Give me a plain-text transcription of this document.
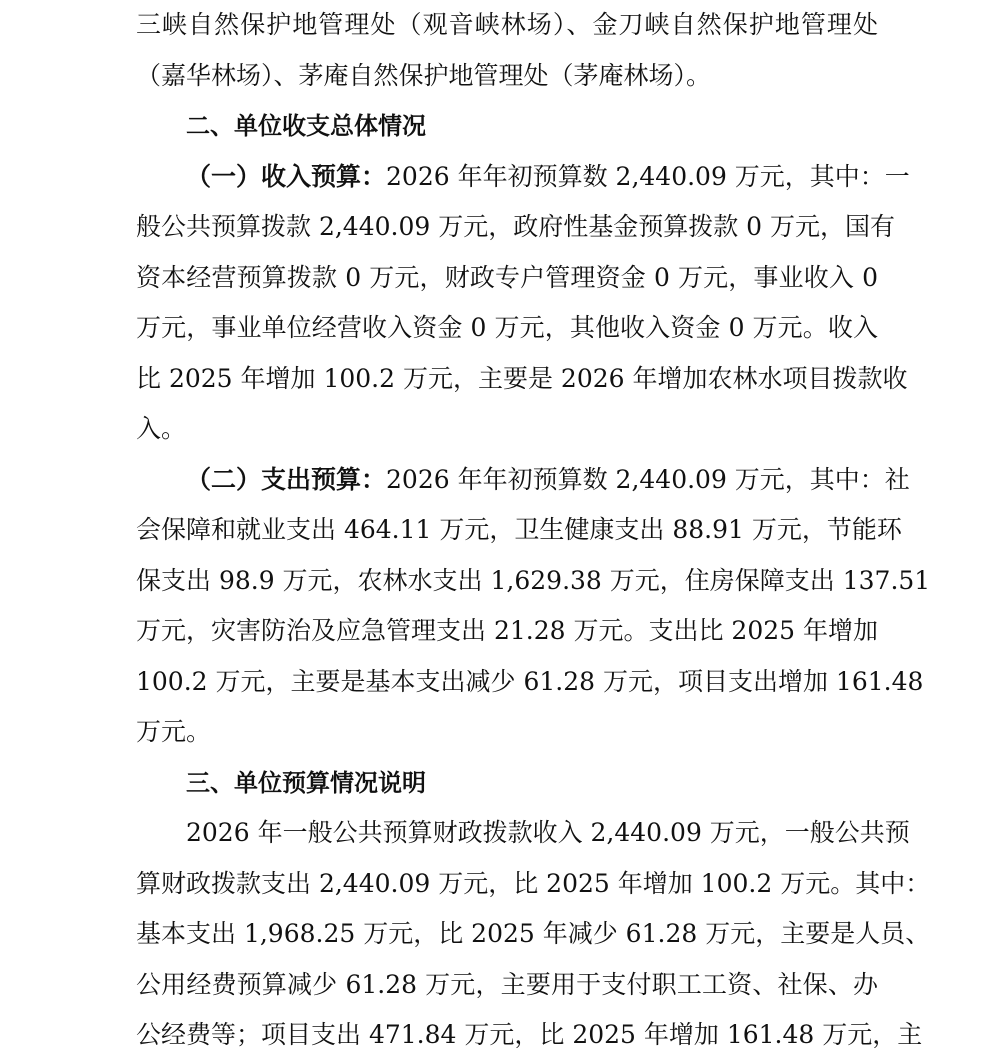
三峡自然保护地管理处（观音峡林场）、金刀峡自然保护地管理处
（嘉华林场）、茅庵自然保护地管理处（茅庵林场）。
二、单位收支总体情况
（一）收入预算：2026 年年初预算数 2,440.09 万元，其中：一
般公共预算拨款 2,440.09 万元，政府性基金预算拨款 0 万元，国有
资本经营预算拨款 0 万元，财政专户管理资金 0 万元，事业收入 0
万元，事业单位经营收入资金 0 万元，其他收入资金 0 万元。收入
比 2025 年增加 100.2 万元，主要是 2026 年增加农林水项目拨款收
入。
（二）支出预算：2026 年年初预算数 2,440.09 万元，其中：社
会保障和就业支出 464.11 万元，卫生健康支出 88.91 万元，节能环
保支出 98.9 万元，农林水支出 1,629.38 万元，住房保障支出 137.51
万元，灾害防治及应急管理支出 21.28 万元。支出比 2025 年增加
100.2 万元，主要是基本支出减少 61.28 万元，项目支出增加 161.48
万元。
三、单位预算情况说明
2026 年一般公共预算财政拨款收入 2,440.09 万元，一般公共预
算财政拨款支出 2,440.09 万元，比 2025 年增加 100.2 万元。其中：
基本支出 1,968.25 万元，比 2025 年减少 61.28 万元，主要是人员、
公用经费预算减少 61.28 万元，主要用于支付职工工资、社保、办
公经费等；项目支出 471.84 万元，比 2025 年增加 161.48 万元，主
